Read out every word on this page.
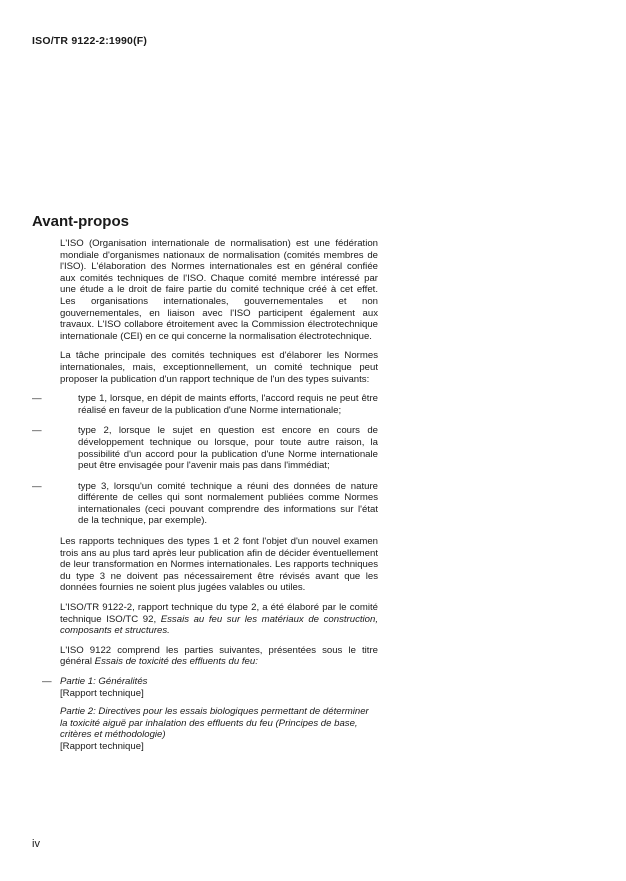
ISO/TR 9122-2:1990(F)
Avant-propos

L'ISO (Organisation internationale de normalisation) est une fédération mondiale d'organismes nationaux de normalisation (comités membres de l'ISO). L'élaboration des Normes internationales est en général confiée aux comités techniques de l'ISO. Chaque comité membre intéressé par une étude a le droit de faire partie du comité technique créé à cet effet. Les organisations internationales, gouvernementales et non gouvernementales, en liaison avec l'ISO participent également aux travaux. L'ISO collabore étroitement avec la Commission électrotechnique internationale (CEI) en ce qui concerne la normalisation électrotechnique.

La tâche principale des comités techniques est d'élaborer les Normes internationales, mais, exceptionnellement, un comité technique peut proposer la publication d'un rapport technique de l'un des types suivants:

—	type 1, lorsque, en dépit de maints efforts, l'accord requis ne peut être réalisé en faveur de la publication d'une Norme internationale;
—	type 2, lorsque le sujet en question est encore en cours de développement technique ou lorsque, pour toute autre raison, la possibilité d'un accord pour la publication d'une Norme internationale peut être envisagée pour l'avenir mais pas dans l'immédiat;
—	type 3, lorsqu'un comité technique a réuni des données de nature différente de celles qui sont normalement publiées comme Normes internationales (ceci pouvant comprendre des informations sur l'état de la technique, par exemple).

Les rapports techniques des types 1 et 2 font l'objet d'un nouvel examen trois ans au plus tard après leur publication afin de décider éventuellement de leur transformation en Normes internationales. Les rapports techniques du type 3 ne doivent pas nécessairement être révisés avant que les données fournies ne soient plus jugées valables ou utiles.

L'ISO/TR 9122-2, rapport technique du type 2, a été élaboré par le comité technique ISO/TC 92, Essais au feu sur les matériaux de construction, composants et structures.

L'ISO 9122 comprend les parties suivantes, présentées sous le titre général Essais de toxicité des effluents du feu:

— Partie 1: Généralités
[Rapport technique]
Partie 2: Directives pour les essais biologiques permettant de déterminer la toxicité aiguë par inhalation des effluents du feu (Principes de base, critères et méthodologie)
[Rapport technique]
iv
